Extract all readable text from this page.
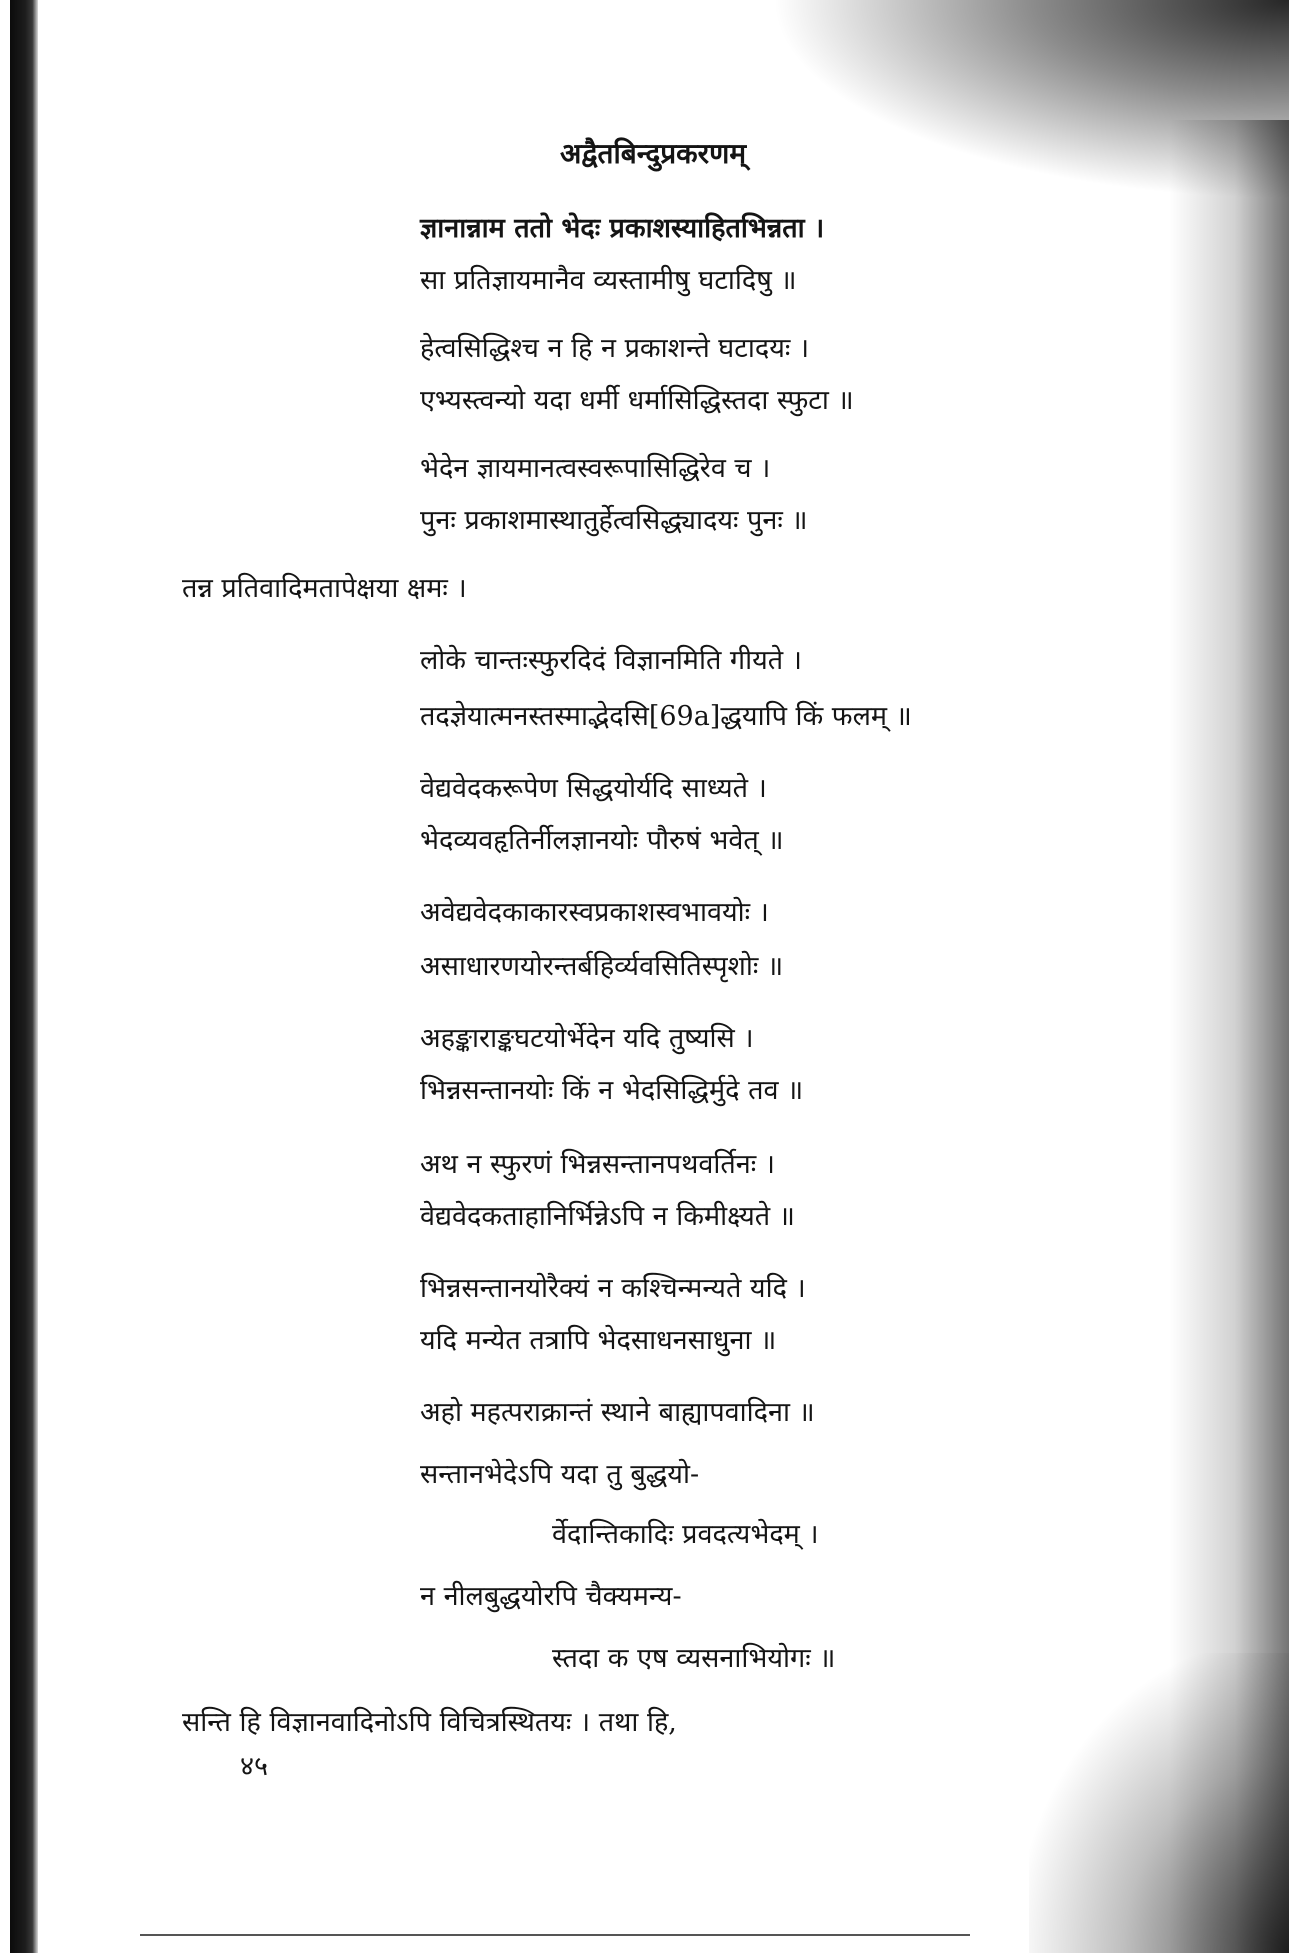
अद्वैतबिन्दुप्रकरणम्
ज्ञानान्नाम ततो भेदः प्रकाशस्याहितभिन्नता ।
सा प्रतिज्ञायमानैव व्यस्तामीषु घटादिषु ॥
हेत्वसिद्धिश्च न हि न प्रकाशन्ते घटादयः ।
एभ्यस्त्वन्यो यदा धर्मी धर्मासिद्धिस्तदा स्फुटा ॥
भेदेन ज्ञायमानत्वस्वरूपासिद्धिरेव च ।
पुनः प्रकाशमास्थातुर्हेत्वसिद्ध्यादयः पुनः ॥
तन्न प्रतिवादिमतापेक्षया क्षमः ।
लोके चान्तःस्फुरदिदं विज्ञानमिति गीयते ।
तदज्ञेयात्मनस्तस्माद्भेदसि[69a]द्धयापि किं फलम् ॥
वेद्यवेदकरूपेण सिद्धयोर्यदि साध्यते ।
भेदव्यवहृतिर्नीलज्ञानयोः पौरुषं भवेत् ॥
अवेद्यवेदकाकारस्वप्रकाशस्वभावयोः ।
असाधारणयोरन्तर्बहिर्व्यवसितिस्पृशोः ॥
अहङ्काराङ्कघटयोर्भेदेन यदि तुष्यसि ।
भिन्नसन्तानयोः किं न भेदसिद्धिर्मुदे तव ॥
अथ न स्फुरणं भिन्नसन्तानपथवर्तिनः ।
वेद्यवेदकताहानिर्भिन्नेऽपि न किमीक्ष्यते ॥
भिन्नसन्तानयोरैक्यं न कश्चिन्मन्यते यदि ।
यदि मन्येत तत्रापि भेदसाधनसाधुना ॥
अहो महत्पराक्रान्तं स्थाने बाह्यापवादिना ॥
सन्तानभेदेऽपि यदा तु बुद्धयो-
र्वेदान्तिकादिः प्रवदत्यभेदम् ।
न नीलबुद्धयोरपि चैक्यमन्य-
स्तदा क एष व्यसनाभियोगः ॥
सन्ति हि विज्ञानवादिनोऽपि विचित्रस्थितयः । तथा हि,
४५
